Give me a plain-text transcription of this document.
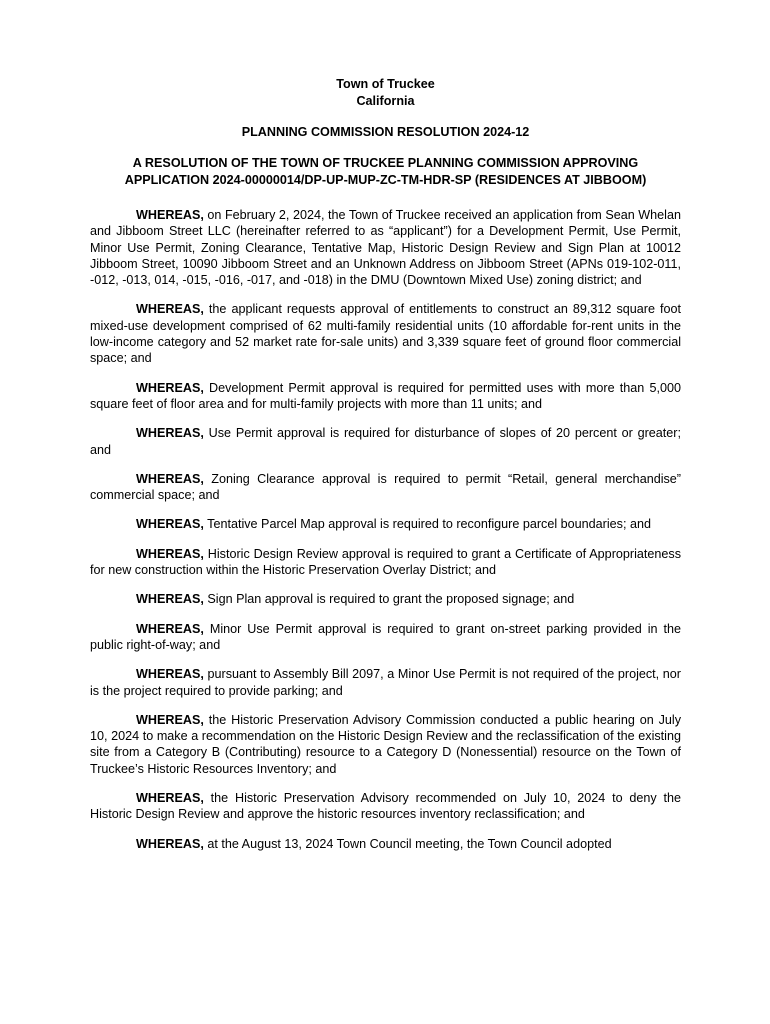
Town of Truckee
California
PLANNING COMMISSION RESOLUTION 2024-12
A RESOLUTION OF THE TOWN OF TRUCKEE PLANNING COMMISSION APPROVING
APPLICATION 2024-00000014/DP-UP-MUP-ZC-TM-HDR-SP (RESIDENCES AT JIBBOOM)

WHEREAS, on February 2, 2024, the Town of Truckee received an application from Sean Whelan and Jibboom Street LLC (hereinafter referred to as “applicant”) for a Development Permit, Use Permit, Minor Use Permit, Zoning Clearance, Tentative Map, Historic Design Review and Sign Plan at 10012 Jibboom Street, 10090 Jibboom Street and an Unknown Address on Jibboom Street (APNs 019-102-011, -012, -013, 014, -015, -016, -017, and -018) in the DMU (Downtown Mixed Use) zoning district; and

WHEREAS, the applicant requests approval of entitlements to construct an 89,312 square foot mixed-use development comprised of 62 multi-family residential units (10 affordable for-rent units in the low-income category and 52 market rate for-sale units) and 3,339 square feet of ground floor commercial space; and

WHEREAS, Development Permit approval is required for permitted uses with more than 5,000 square feet of floor area and for multi-family projects with more than 11 units; and

WHEREAS, Use Permit approval is required for disturbance of slopes of 20 percent or greater; and

WHEREAS, Zoning Clearance approval is required to permit “Retail, general merchandise” commercial space; and

WHEREAS, Tentative Parcel Map approval is required to reconfigure parcel boundaries; and

WHEREAS, Historic Design Review approval is required to grant a Certificate of Appropriateness for new construction within the Historic Preservation Overlay District; and

WHEREAS, Sign Plan approval is required to grant the proposed signage; and

WHEREAS, Minor Use Permit approval is required to grant on-street parking provided in the public right-of-way; and

WHEREAS, pursuant to Assembly Bill 2097, a Minor Use Permit is not required of the project, nor is the project required to provide parking; and

WHEREAS, the Historic Preservation Advisory Commission conducted a public hearing on July 10, 2024 to make a recommendation on the Historic Design Review and the reclassification of the existing site from a Category B (Contributing) resource to a Category D (Nonessential) resource on the Town of Truckee’s Historic Resources Inventory; and

WHEREAS, the Historic Preservation Advisory recommended on July 10, 2024 to deny the Historic Design Review and approve the historic resources inventory reclassification; and

WHEREAS, at the August 13, 2024 Town Council meeting, the Town Council adopted
